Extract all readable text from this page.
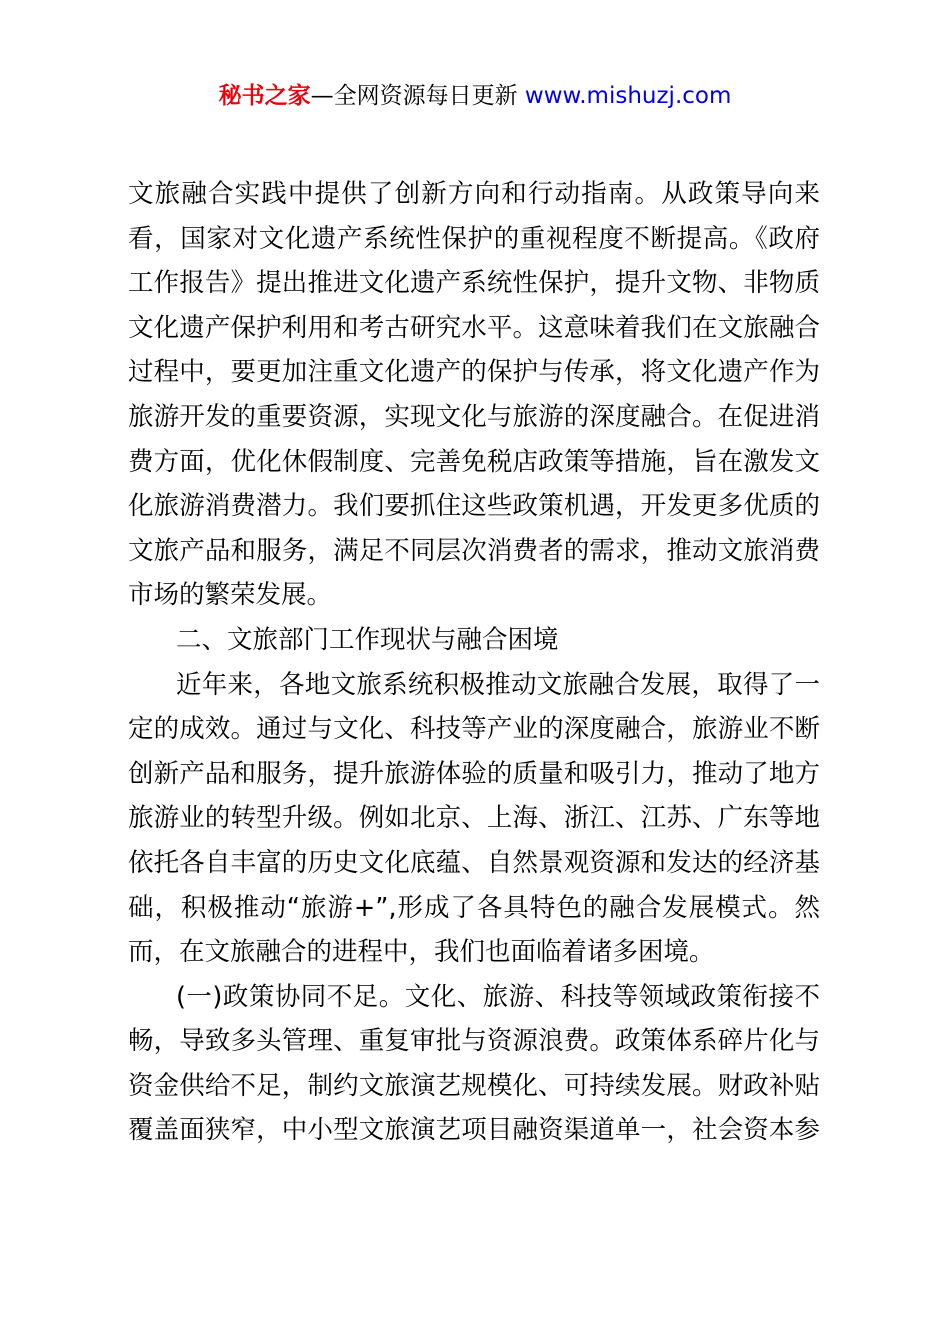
秘书之家—全网资源每日更新 www.mishuzj.com
文旅融合实践中提供了创新方向和行动指南。从政策导向来
看，国家对文化遗产系统性保护的重视程度不断提高。《政府
工作报告》提出推进文化遗产系统性保护，提升文物、非物质
文化遗产保护利用和考古研究水平。这意味着我们在文旅融合
过程中，要更加注重文化遗产的保护与传承，将文化遗产作为
旅游开发的重要资源，实现文化与旅游的深度融合。在促进消
费方面，优化休假制度、完善免税店政策等措施，旨在激发文
化旅游消费潜力。我们要抓住这些政策机遇，开发更多优质的
文旅产品和服务，满足不同层次消费者的需求，推动文旅消费
市场的繁荣发展。
二、文旅部门工作现状与融合困境
近年来，各地文旅系统积极推动文旅融合发展，取得了一
定的成效。通过与文化、科技等产业的深度融合，旅游业不断
创新产品和服务，提升旅游体验的质量和吸引力，推动了地方
旅游业的转型升级。例如北京、上海、浙江、江苏、广东等地
依托各自丰富的历史文化底蕴、自然景观资源和发达的经济基
础，积极推动“旅游+”,形成了各具特色的融合发展模式。然
而，在文旅融合的进程中，我们也面临着诸多困境。
(一)政策协同不足。文化、旅游、科技等领域政策衔接不
畅，导致多头管理、重复审批与资源浪费。政策体系碎片化与
资金供给不足，制约文旅演艺规模化、可持续发展。财政补贴
覆盖面狭窄，中小型文旅演艺项目融资渠道单一，社会资本参
